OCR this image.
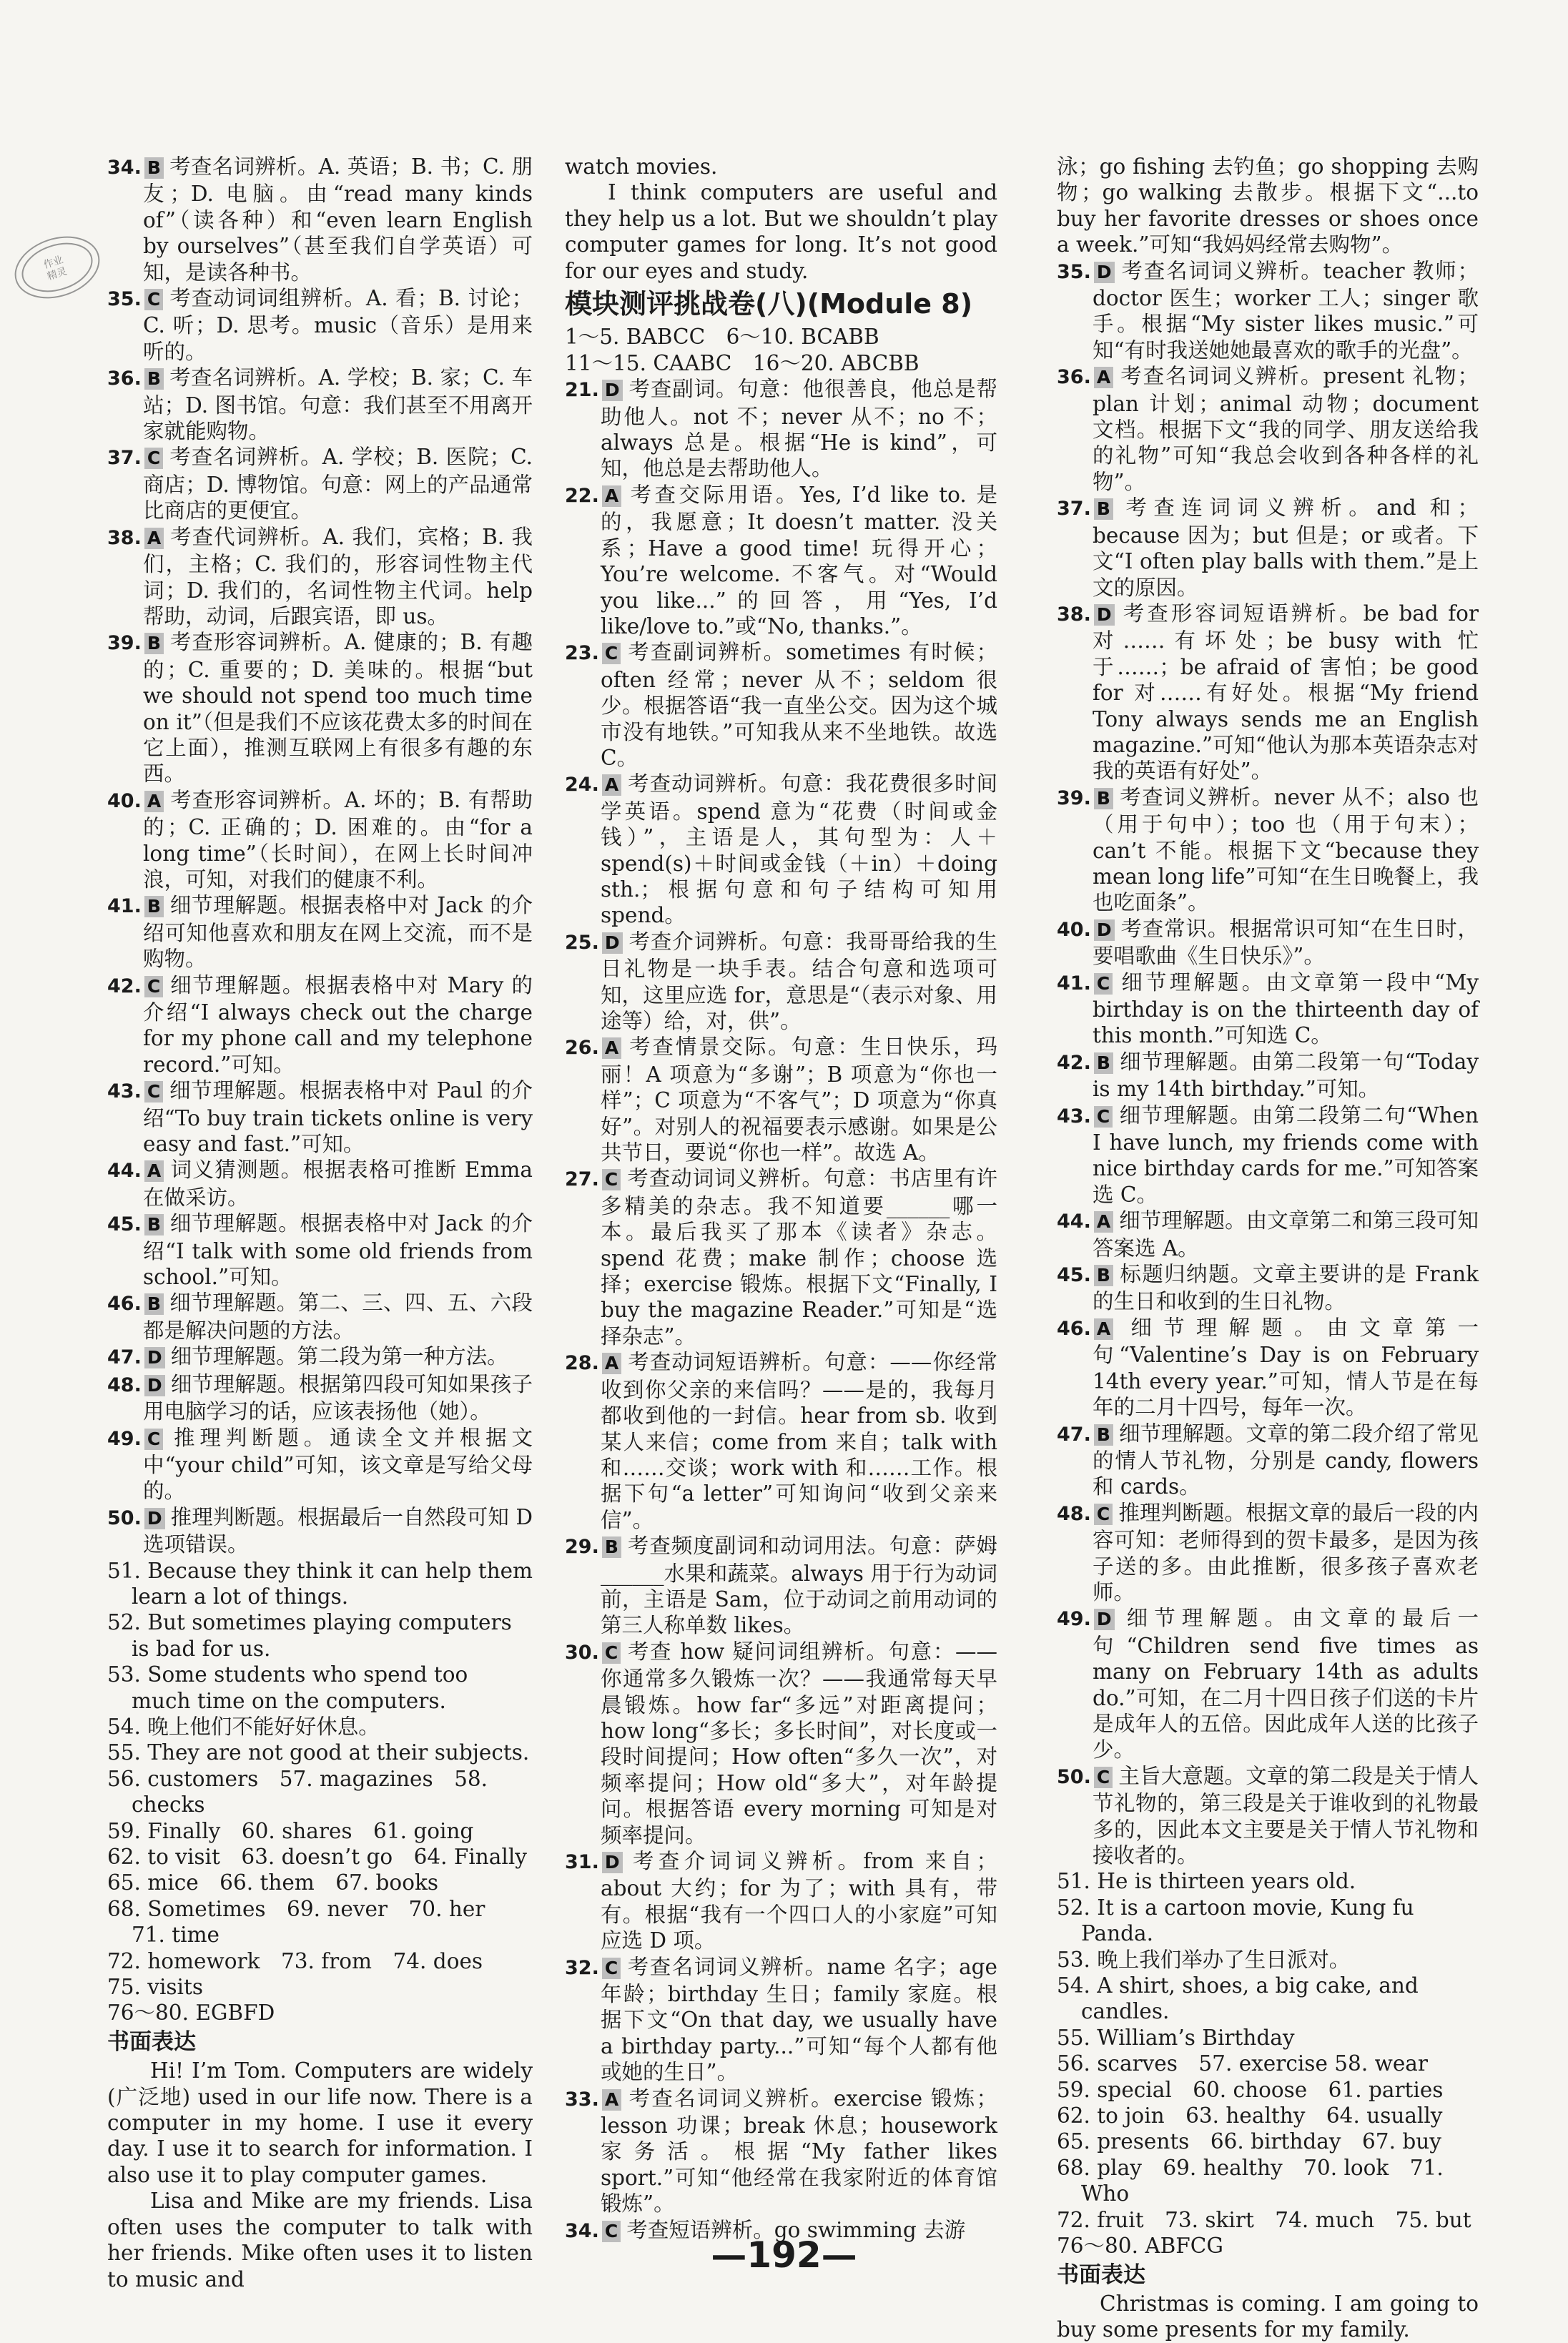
作业
精灵

34. B 考查名词辨析。A. 英语；B. 书；C. 朋友；D. 电脑。由“read many kinds of”（读各种）和“even learn English by ourselves”（甚至我们自学英语）可知，是读各种书。

35. C 考查动词词组辨析。A. 看；B. 讨论；C. 听；D. 思考。music（音乐）是用来听的。

36. B 考查名词辨析。A. 学校；B. 家；C. 车站；D. 图书馆。句意：我们甚至不用离开家就能购物。

37. C 考查名词辨析。A. 学校；B. 医院；C. 商店；D. 博物馆。句意：网上的产品通常比商店的更便宜。

38. A 考查代词辨析。A. 我们，宾格；B. 我们，主格；C. 我们的，形容词性物主代词；D. 我们的，名词性物主代词。help 帮助，动词，后跟宾语，即 us。

39. B 考查形容词辨析。A. 健康的；B. 有趣的；C. 重要的；D. 美味的。根据“but we should not spend too much time on it”（但是我们不应该花费太多的时间在它上面），推测互联网上有很多有趣的东西。

40. A 考查形容词辨析。A. 坏的；B. 有帮助的；C. 正确的；D. 困难的。由“for a long time”（长时间），在网上长时间冲浪，可知，对我们的健康不利。

41. B 细节理解题。根据表格中对 Jack 的介绍可知他喜欢和朋友在网上交流，而不是购物。

42. C 细节理解题。根据表格中对 Mary 的介绍“I always check out the charge for my phone call and my telephone record.”可知。

43. C 细节理解题。根据表格中对 Paul 的介绍“To buy train tickets online is very easy and fast.”可知。

44. A 词义猜测题。根据表格可推断 Emma 在做采访。

45. B 细节理解题。根据表格中对 Jack 的介绍“I talk with some old friends from school.”可知。

46. B 细节理解题。第二、三、四、五、六段都是解决问题的方法。

47. D 细节理解题。第二段为第一种方法。

48. D 细节理解题。根据第四段可知如果孩子用电脑学习的话，应该表扬他（她）。

49. C 推理判断题。通读全文并根据文中“your child”可知，该文章是写给父母的。

50. D 推理判断题。根据最后一自然段可知 D 选项错误。

51. Because they think it can help them learn a lot of things.

52. But sometimes playing computers is bad for us.

53. Some students who spend too much time on the computers.

54. 晚上他们不能好好休息。

55. They are not good at their subjects.

56. customers　57. magazines　58. checks

59. Finally　60. shares　61. going

62. to visit　63. doesn’t go　64. Finally

65. mice　66. them　67. books

68. Sometimes　69. never　70. her　71. time

72. homework　73. from　74. does

75. visits

76～80. EGBFD

书面表达

Hi! I’m Tom. Computers are widely (广泛地) used in our life now. There is a computer in my home. I use it every day. I use it to search for information. I also use it to play computer games.

Lisa and Mike are my friends. Lisa often uses the computer to talk with her friends. Mike often uses it to listen to music and

watch movies.

I think computers are useful and they help us a lot. But we shouldn’t play computer games for long. It’s not good for our eyes and study.

模块测评挑战卷(八)(Module 8)

1～5. BABCC　6～10. BCABB

11～15. CAABC　16～20. ABCBB

21. D 考查副词。句意：他很善良，他总是帮助他人。not 不；never 从不；no 不；always 总是。根据“He is kind”，可知，他总是去帮助他人。

22. A 考查交际用语。Yes, I’d like to. 是的，我愿意；It doesn’t matter. 没关系；Have a good time! 玩得开心；You’re welcome. 不客气。对“Would you like...”的回答，用“Yes, I’d like/love to.”或“No, thanks.”。

23. C 考查副词辨析。sometimes 有时候；often 经常；never 从不；seldom 很少。根据答语“我一直坐公交。因为这个城市没有地铁。”可知我从来不坐地铁。故选 C。

24. A 考查动词辨析。句意：我花费很多时间学英语。spend 意为“花费（时间或金钱）”，主语是人，其句型为：人＋spend(s)＋时间或金钱（＋in）＋doing sth.；根据句意和句子结构可知用 spend。

25. D 考查介词辨析。句意：我哥哥给我的生日礼物是一块手表。结合句意和选项可知，这里应选 for，意思是“（表示对象、用途等）给，对，供”。

26. A 考查情景交际。句意：生日快乐，玛丽！A 项意为“多谢”；B 项意为“你也一样”；C 项意为“不客气”；D 项意为“你真好”。对别人的祝福要表示感谢。如果是公共节日，要说“你也一样”。故选 A。

27. C 考查动词词义辨析。句意：书店里有许多精美的杂志。我不知道要______哪一本。最后我买了那本《读者》杂志。spend 花费；make 制作；choose 选择；exercise 锻炼。根据下文“Finally, I buy the magazine Reader.”可知是“选择杂志”。

28. A 考查动词短语辨析。句意：——你经常收到你父亲的来信吗？——是的，我每月都收到他的一封信。hear from sb. 收到某人来信；come from 来自；talk with 和……交谈；work with 和……工作。根据下句“a letter”可知询问“收到父亲来信”。

29. B 考查频度副词和动词用法。句意：萨姆______水果和蔬菜。always 用于行为动词前，主语是 Sam，位于动词之前用动词的第三人称单数 likes。

30. C 考查 how 疑问词组辨析。句意：——你通常多久锻炼一次？——我通常每天早晨锻炼。how far“多远”对距离提问；how long“多长；多长时间”，对长度或一段时间提问；How often“多久一次”，对频率提问；How old“多大”，对年龄提问。根据答语 every morning 可知是对频率提问。

31. D 考查介词词义辨析。from 来自；about 大约；for 为了；with 具有，带有。根据“我有一个四口人的小家庭”可知应选 D 项。

32. C 考查名词词义辨析。name 名字；age 年龄；birthday 生日；family 家庭。根据下文“On that day, we usually have a birthday party...”可知“每个人都有他或她的生日”。

33. A 考查名词词义辨析。exercise 锻炼；lesson 功课；break 休息；housework 家务活。根据“My father likes sport.”可知“他经常在我家附近的体育馆锻炼”。

34. C 考查短语辨析。go swimming 去游

泳；go fishing 去钓鱼；go shopping 去购物；go walking 去散步。根据下文“...to buy her favorite dresses or shoes once a week.”可知“我妈妈经常去购物”。

35. D 考查名词词义辨析。teacher 教师；doctor 医生；worker 工人；singer 歌手。根据“My sister likes music.”可知“有时我送她她最喜欢的歌手的光盘”。

36. A 考查名词词义辨析。present 礼物；plan 计划；animal 动物；document 文档。根据下文“我的同学、朋友送给我的礼物”可知“我总会收到各种各样的礼物”。

37. B 考查连词词义辨析。and 和；because 因为；but 但是；or 或者。下文“I often play balls with them.”是上文的原因。

38. D 考查形容词短语辨析。be bad for 对……有坏处；be busy with 忙于……；be afraid of 害怕；be good for 对……有好处。根据“My friend Tony always sends me an English magazine.”可知“他认为那本英语杂志对我的英语有好处”。

39. B 考查词义辨析。never 从不；also 也（用于句中）；too 也（用于句末）；can’t 不能。根据下文“because they mean long life”可知“在生日晚餐上，我也吃面条”。

40. D 考查常识。根据常识可知“在生日时，要唱歌曲《生日快乐》”。

41. C 细节理解题。由文章第一段中“My birthday is on the thirteenth day of this month.”可知选 C。

42. B 细节理解题。由第二段第一句“Today is my 14th birthday.”可知。

43. C 细节理解题。由第二段第二句“When I have lunch, my friends come with nice birthday cards for me.”可知答案选 C。

44. A 细节理解题。由文章第二和第三段可知答案选 A。

45. B 标题归纳题。文章主要讲的是 Frank 的生日和收到的生日礼物。

46. A 细节理解题。由文章第一句“Valentine’s Day is on February 14th every year.”可知，情人节是在每年的二月十四号，每年一次。

47. B 细节理解题。文章的第二段介绍了常见的情人节礼物，分别是 candy, flowers 和 cards。

48. C 推理判断题。根据文章的最后一段的内容可知：老师得到的贺卡最多，是因为孩子送的多。由此推断，很多孩子喜欢老师。

49. D 细节理解题。由文章的最后一句“Children send five times as many on February 14th as adults do.”可知，在二月十四日孩子们送的卡片是成年人的五倍。因此成年人送的比孩子少。

50. C 主旨大意题。文章的第二段是关于情人节礼物的，第三段是关于谁收到的礼物最多的，因此本文主要是关于情人节礼物和接收者的。

51. He is thirteen years old.

52. It is a cartoon movie, Kung fu Panda.

53. 晚上我们举办了生日派对。

54. A shirt, shoes, a big cake, and candles.

55. William’s Birthday

56. scarves　57. exercise 58. wear

59. special　60. choose　61. parties

62. to join　63. healthy　64. usually

65. presents　66. birthday　67. buy

68. play　69. healthy　70. look　71. Who

72. fruit　73. skirt　74. much　75. but

76～80. ABFCG

书面表达

Christmas is coming. I am going to buy some presents for my family.

—192—
